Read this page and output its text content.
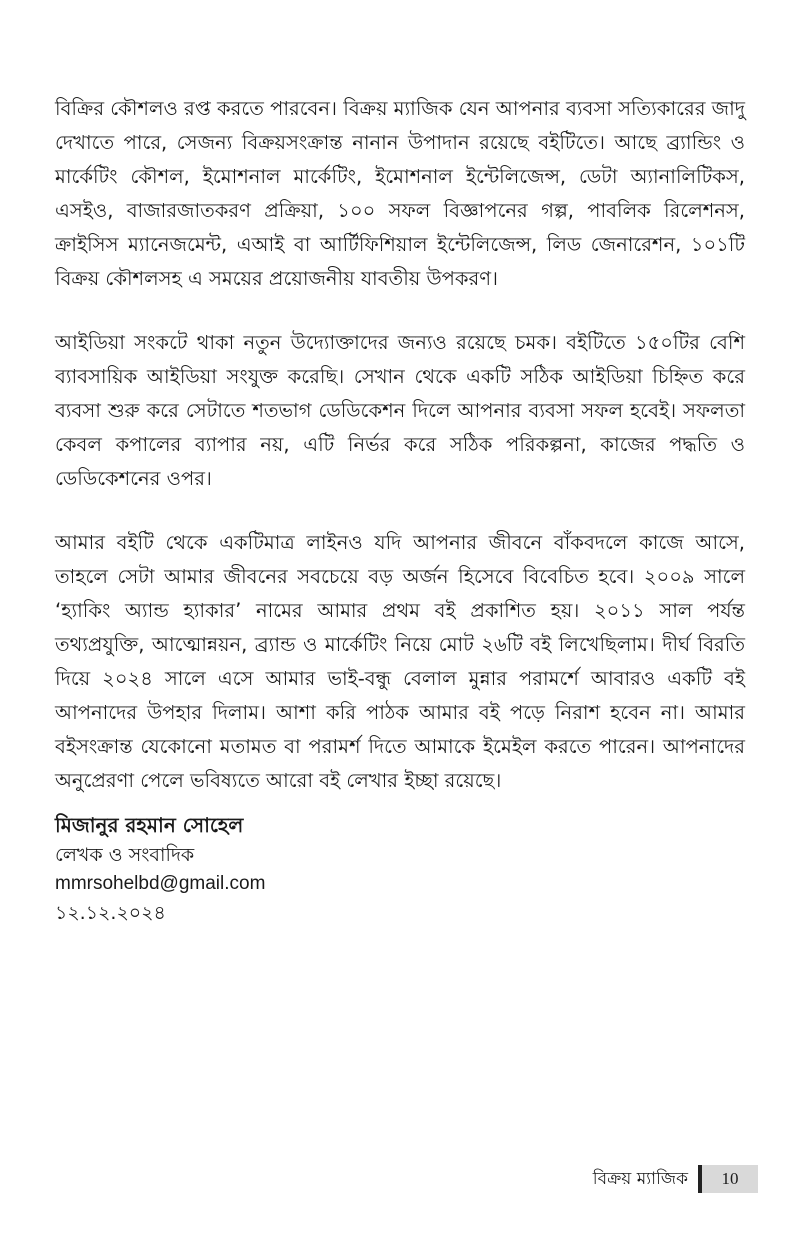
বিক্রির কৌশলও রপ্ত করতে পারবেন। বিক্রয় ম্যাজিক যেন আপনার ব্যবসা সত্যিকারের জাদু দেখাতে পারে, সেজন্য বিক্রয়সংক্রান্ত নানান উপাদান রয়েছে বইটিতে। আছে ব্র্যান্ডিং ও মার্কেটিং কৌশল, ইমোশনাল মার্কেটিং, ইমোশনাল ইন্টেলিজেন্স, ডেটা অ্যানালিটিকস, এসইও, বাজারজাতকরণ প্রক্রিয়া, ১০০ সফল বিজ্ঞাপনের গল্প, পাবলিক রিলেশনস, ক্রাইসিস ম্যানেজমেন্ট, এআই বা আর্টিফিশিয়াল ইন্টেলিজেন্স, লিড জেনারেশন, ১০১টি বিক্রয় কৌশলসহ এ সময়ের প্রয়োজনীয় যাবতীয় উপকরণ।

আইডিয়া সংকটে থাকা নতুন উদ্যোক্তাদের জন্যও রয়েছে চমক। বইটিতে ১৫০টির বেশি ব্যাবসায়িক আইডিয়া সংযুক্ত করেছি। সেখান থেকে একটি সঠিক আইডিয়া চিহ্নিত করে ব্যবসা শুরু করে সেটাতে শতভাগ ডেডিকেশন দিলে আপনার ব্যবসা সফল হবেই। সফলতা কেবল কপালের ব্যাপার নয়, এটি নির্ভর করে সঠিক পরিকল্পনা, কাজের পদ্ধতি ও ডেডিকেশনের ওপর।

আমার বইটি থেকে একটিমাত্র লাইনও যদি আপনার জীবনে বাঁকবদলে কাজে আসে, তাহলে সেটা আমার জীবনের সবচেয়ে বড় অর্জন হিসেবে বিবেচিত হবে। ২০০৯ সালে ‘হ্যাকিং অ্যান্ড হ্যাকার’ নামের আমার প্রথম বই প্রকাশিত হয়। ২০১১ সাল পর্যন্ত তথ্যপ্রযুক্তি, আত্মোন্নয়ন, ব্র্যান্ড ও মার্কেটিং নিয়ে মোট ২৬টি বই লিখেছিলাম। দীর্ঘ বিরতি দিয়ে ২০২৪ সালে এসে আমার ভাই-বন্ধু বেলাল মুন্নার পরামর্শে আবারও একটি বই আপনাদের উপহার দিলাম। আশা করি পাঠক আমার বই পড়ে নিরাশ হবেন না। আমার বইসংক্রান্ত যেকোনো মতামত বা পরামর্শ দিতে আমাকে ইমেইল করতে পারেন। আপনাদের অনুপ্রেরণা পেলে ভবিষ্যতে আরো বই লেখার ইচ্ছা রয়েছে।

মিজানুর রহমান সোহেল
লেখক ও সংবাদিক
mmrsohelbd@gmail.com
১২.১২.২০২৪
বিক্রয় ম্যাজিক	10
